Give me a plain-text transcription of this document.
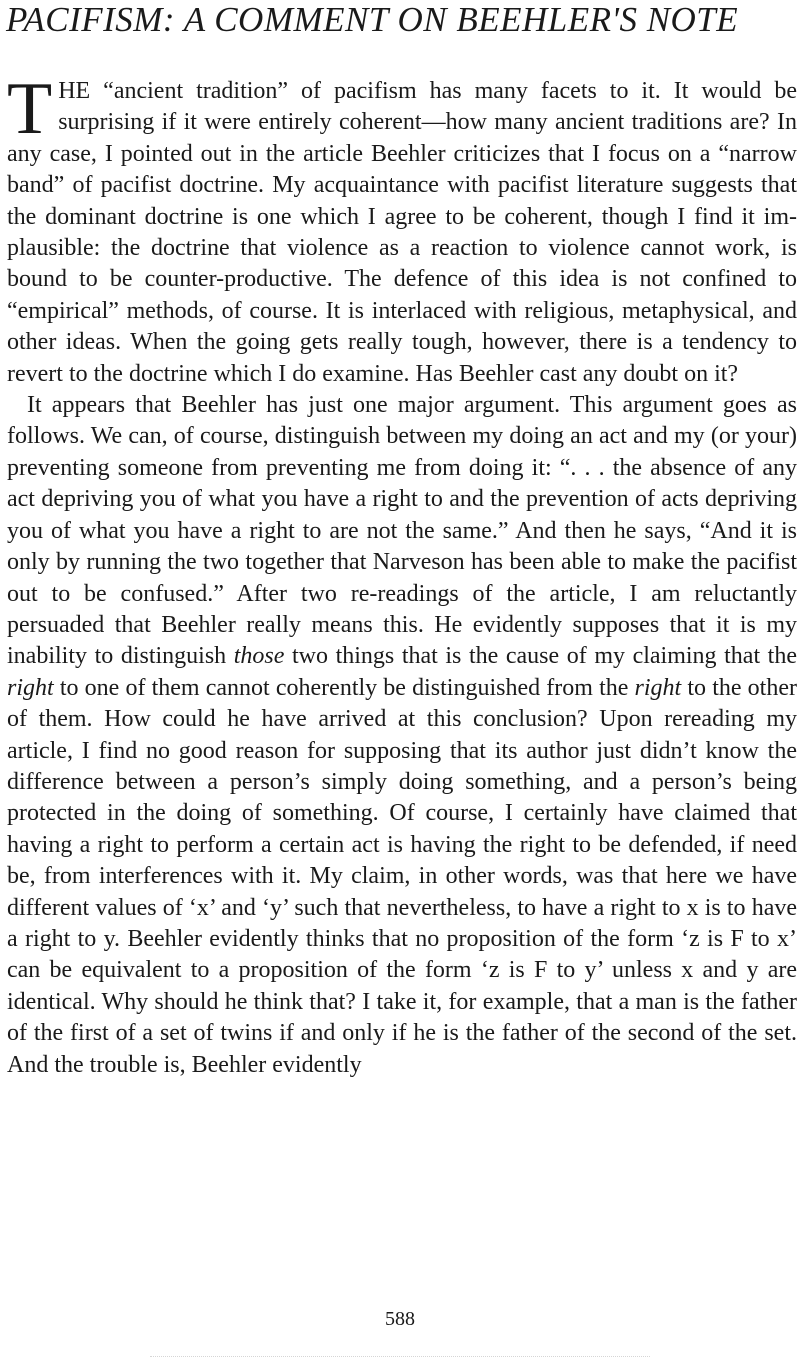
PACIFISM: A COMMENT ON BEEHLER'S NOTE

THE “ancient tradition” of pacifism has many facets to it. It would be surprising if it were entirely coherent—how many ancient traditions are? In any case, I pointed out in the article Beehler criticizes that I focus on a “narrow band” of pacifist doctrine. My acquaintance with pacifist literature suggests that the dominant doctrine is one which I agree to be coherent, though I find it implausible: the doctrine that violence as a reaction to violence cannot work, is bound to be counter-productive. The defence of this idea is not confined to “empirical” methods, of course. It is interlaced with religious, metaphysical, and other ideas. When the going gets really tough, however, there is a tendency to revert to the doctrine which I do examine. Has Beehler cast any doubt on it?

It appears that Beehler has just one major argument. This argument goes as follows. We can, of course, distinguish between my doing an act and my (or your) preventing someone from preventing me from doing it: “. . . the absence of any act depriving you of what you have a right to and the prevention of acts depriving you of what you have a right to are not the same.” And then he says, “And it is only by running the two together that Narveson has been able to make the pacifist out to be confused.” After two re-readings of the article, I am reluctantly persuaded that Beehler really means this. He evidently supposes that it is my inability to distinguish those two things that is the cause of my claiming that the right to one of them cannot coherently be distinguished from the right to the other of them. How could he have arrived at this conclusion? Upon rereading my article, I find no good reason for supposing that its author just didn’t know the difference between a person’s simply doing something, and a person’s being protected in the doing of something. Of course, I certainly have claimed that having a right to perform a certain act is having the right to be defended, if need be, from interferences with it. My claim, in other words, was that here we have different values of ‘x’ and ‘y’ such that nevertheless, to have a right to x is to have a right to y. Beehler evidently thinks that no proposition of the form ‘z is F to x’ can be equivalent to a proposition of the form ‘z is F to y’ unless x and y are identical. Why should he think that? I take it, for example, that a man is the father of the first of a set of twins if and only if he is the father of the second of the set. And the trouble is, Beehler evidently

588
